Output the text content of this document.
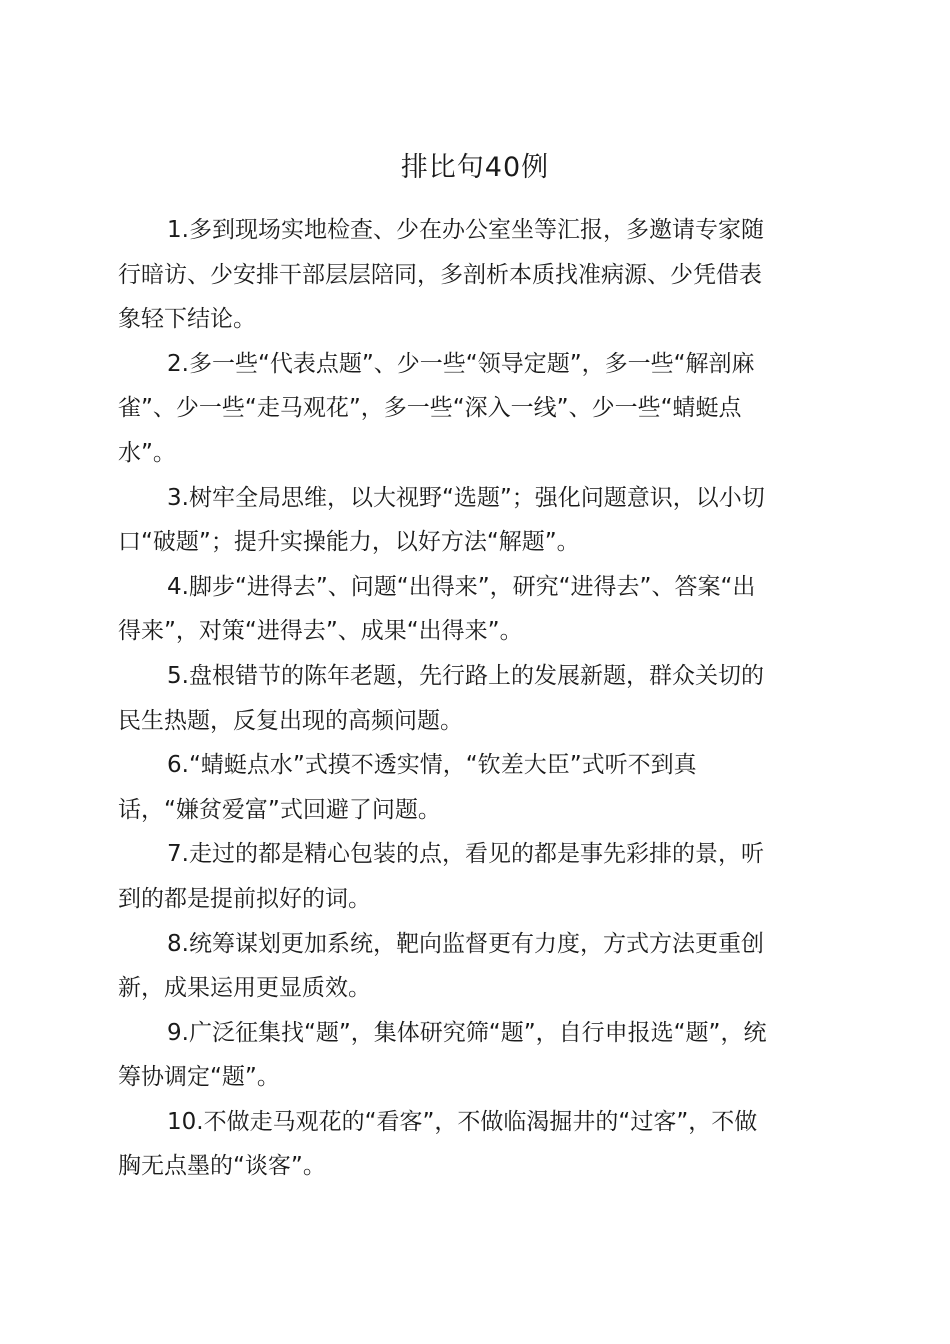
排比句40例

1.多到现场实地检查、少在办公室坐等汇报，多邀请专家随
行暗访、少安排干部层层陪同，多剖析本质找准病源、少凭借表
象轻下结论。

2.多一些“代表点题”、少一些“领导定题”，多一些“解剖麻
雀”、少一些“走马观花”，多一些“深入一线”、少一些“蜻蜓点
水”。

3.树牢全局思维，以大视野“选题”；强化问题意识，以小切
口“破题”；提升实操能力，以好方法“解题”。

4.脚步“进得去”、问题“出得来”，研究“进得去”、答案“出
得来”，对策“进得去”、成果“出得来”。

5.盘根错节的陈年老题，先行路上的发展新题，群众关切的
民生热题，反复出现的高频问题。

6.“蜻蜓点水”式摸不透实情，“钦差大臣”式听不到真
话，“嫌贫爱富”式回避了问题。

7.走过的都是精心包装的点，看见的都是事先彩排的景，听
到的都是提前拟好的词。

8.统筹谋划更加系统，靶向监督更有力度，方式方法更重创
新，成果运用更显质效。

9.广泛征集找“题”，集体研究筛“题”，自行申报选“题”，统
筹协调定“题”。

10.不做走马观花的“看客”，不做临渴掘井的“过客”，不做
胸无点墨的“谈客”。
